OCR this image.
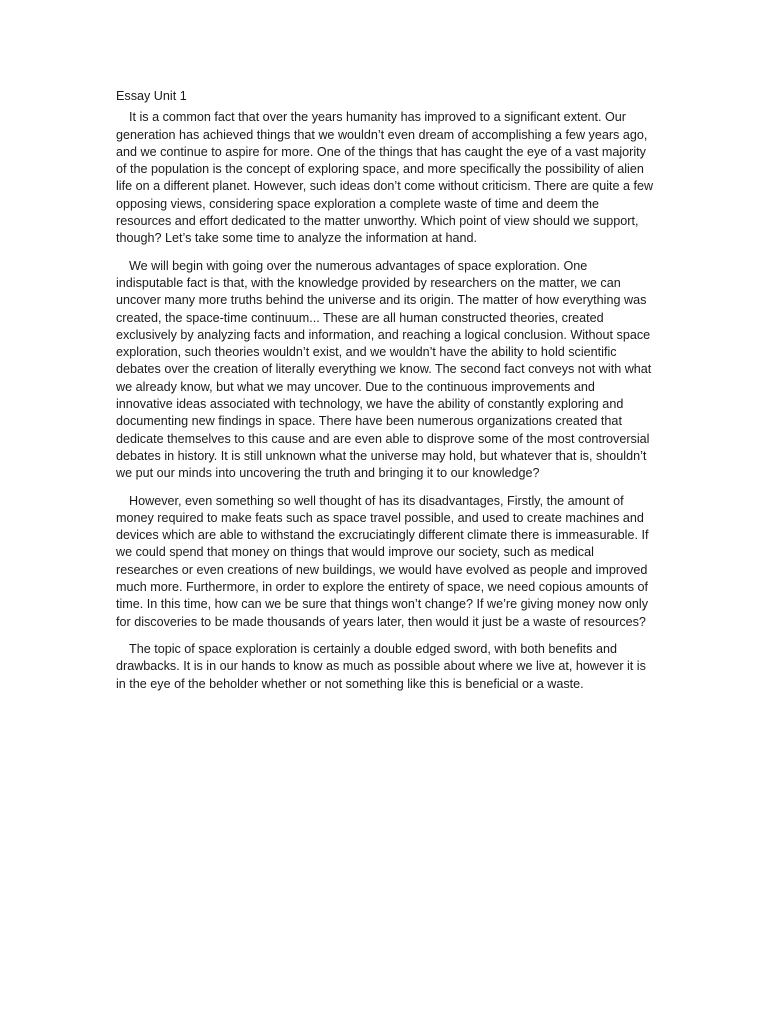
Essay Unit 1

It is a common fact that over the years humanity has improved to a significant extent. Our generation has achieved things that we wouldn’t even dream of accomplishing a few years ago, and we continue to aspire for more. One of the things that has caught the eye of a vast majority of the population is the concept of exploring space, and more specifically the possibility of alien life on a different planet. However, such ideas don’t come without criticism. There are quite a few opposing views, considering space exploration a complete waste of time and deem the resources and effort dedicated to the matter unworthy. Which point of view should we support, though? Let’s take some time to analyze the information at hand.

We will begin with going over the numerous advantages of space exploration. One indisputable fact is that, with the knowledge provided by researchers on the matter, we can uncover many more truths behind the universe and its origin. The matter of how everything was created, the space-time continuum... These are all human constructed theories, created exclusively by analyzing facts and information, and reaching a logical conclusion. Without space exploration, such theories wouldn’t exist, and we wouldn’t have the ability to hold scientific debates over the creation of literally everything we know. The second fact conveys not with what we already know, but what we may uncover. Due to the continuous improvements and innovative ideas associated with technology, we have the ability of constantly exploring and documenting new findings in space. There have been numerous organizations created that dedicate themselves to this cause and are even able to disprove some of the most controversial debates in history. It is still unknown what the universe may hold, but whatever that is, shouldn’t we put our minds into uncovering the truth and bringing it to our knowledge?

However, even something so well thought of has its disadvantages, Firstly, the amount of money required to make feats such as space travel possible, and used to create machines and devices which are able to withstand the excruciatingly different climate there is immeasurable. If we could spend that money on things that would improve our society, such as medical researches or even creations of new buildings, we would have evolved as people and improved much more. Furthermore, in order to explore the entirety of space, we need copious amounts of time. In this time, how can we be sure that things won’t change? If we’re giving money now only for discoveries to be made thousands of years later, then would it just be a waste of resources?

The topic of space exploration is certainly a double edged sword, with both benefits and drawbacks. It is in our hands to know as much as possible about where we live at, however it is in the eye of the beholder whether or not something like this is beneficial or a waste.
